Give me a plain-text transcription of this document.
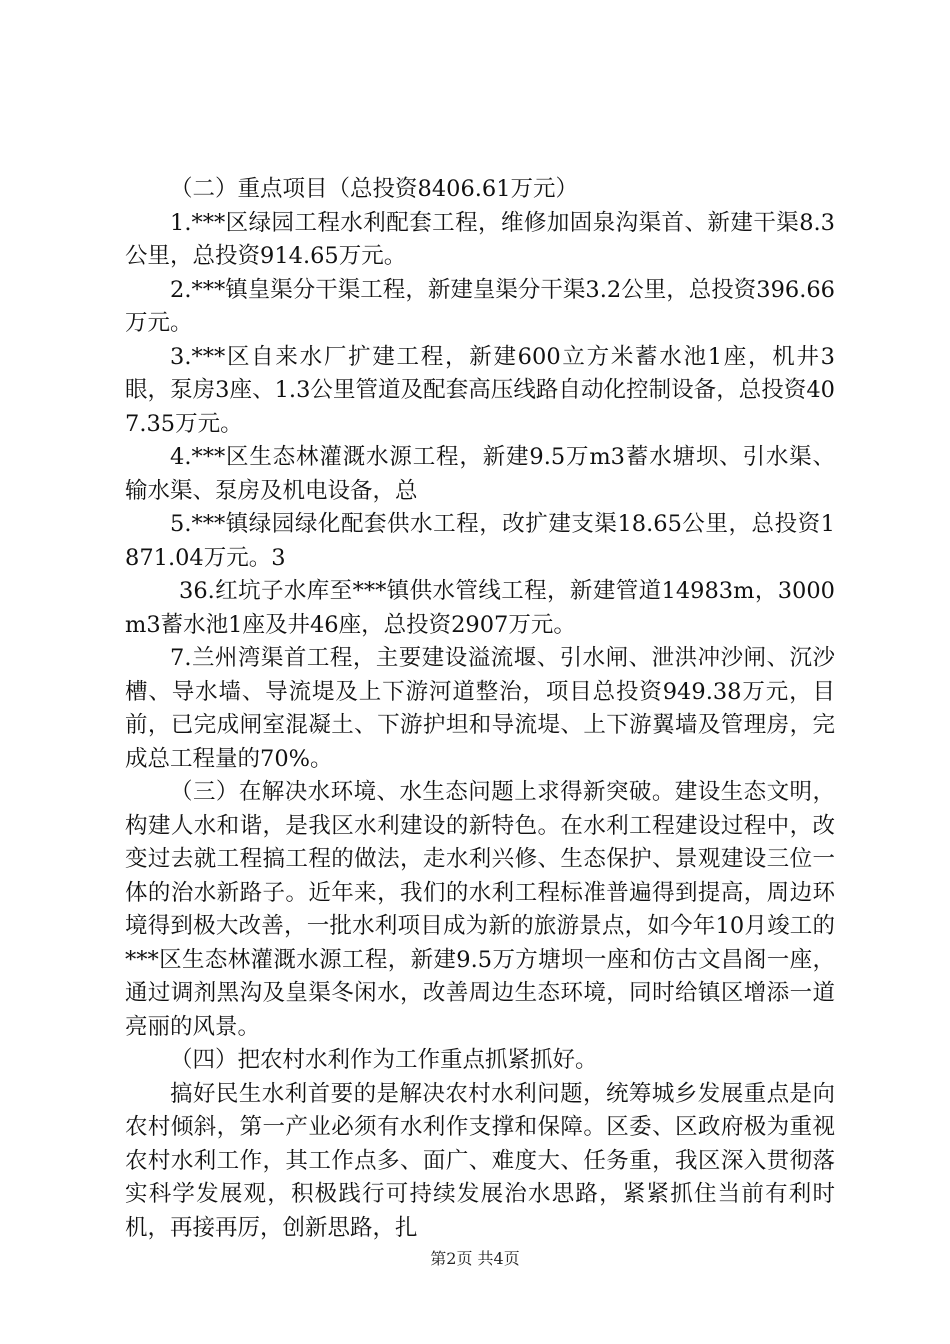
（二）重点项目（总投资8406.61万元）

1.***区绿园工程水利配套工程，维修加固泉沟渠首、新建干渠8.3公里，总投资914.65万元。

2.***镇皇渠分干渠工程，新建皇渠分干渠3.2公里，总投资396.66万元。

3.***区自来水厂扩建工程，新建600立方米蓄水池1座，机井3眼，泵房3座、1.3公里管道及配套高压线路自动化控制设备，总投资407.35万元。

4.***区生态林灌溉水源工程，新建9.5万m3蓄水塘坝、引水渠、输水渠、泵房及机电设备，总

5.***镇绿园绿化配套供水工程，改扩建支渠18.65公里，总投资1871.04万元。3

36.红坑子水库至***镇供水管线工程，新建管道14983m，3000m3蓄水池1座及井46座，总投资2907万元。

7.兰州湾渠首工程，主要建设溢流堰、引水闸、泄洪冲沙闸、沉沙槽、导水墙、导流堤及上下游河道整治，项目总投资949.38万元，目前，已完成闸室混凝土、下游护坦和导流堤、上下游翼墙及管理房，完成总工程量的70%。

（三）在解决水环境、水生态问题上求得新突破。建设生态文明，构建人水和谐，是我区水利建设的新特色。在水利工程建设过程中，改变过去就工程搞工程的做法，走水利兴修、生态保护、景观建设三位一体的治水新路子。近年来，我们的水利工程标准普遍得到提高，周边环境得到极大改善，一批水利项目成为新的旅游景点，如今年10月竣工的***区生态林灌溉水源工程，新建9.5万方塘坝一座和仿古文昌阁一座，通过调剂黑沟及皇渠冬闲水，改善周边生态环境，同时给镇区增添一道亮丽的风景。

（四）把农村水利作为工作重点抓紧抓好。

搞好民生水利首要的是解决农村水利问题，统筹城乡发展重点是向农村倾斜，第一产业必须有水利作支撑和保障。区委、区政府极为重视农村水利工作，其工作点多、面广、难度大、任务重，我区深入贯彻落实科学发展观，积极践行可持续发展治水思路，紧紧抓住当前有利时机，再接再厉，创新思路，扎

第2页 共4页
